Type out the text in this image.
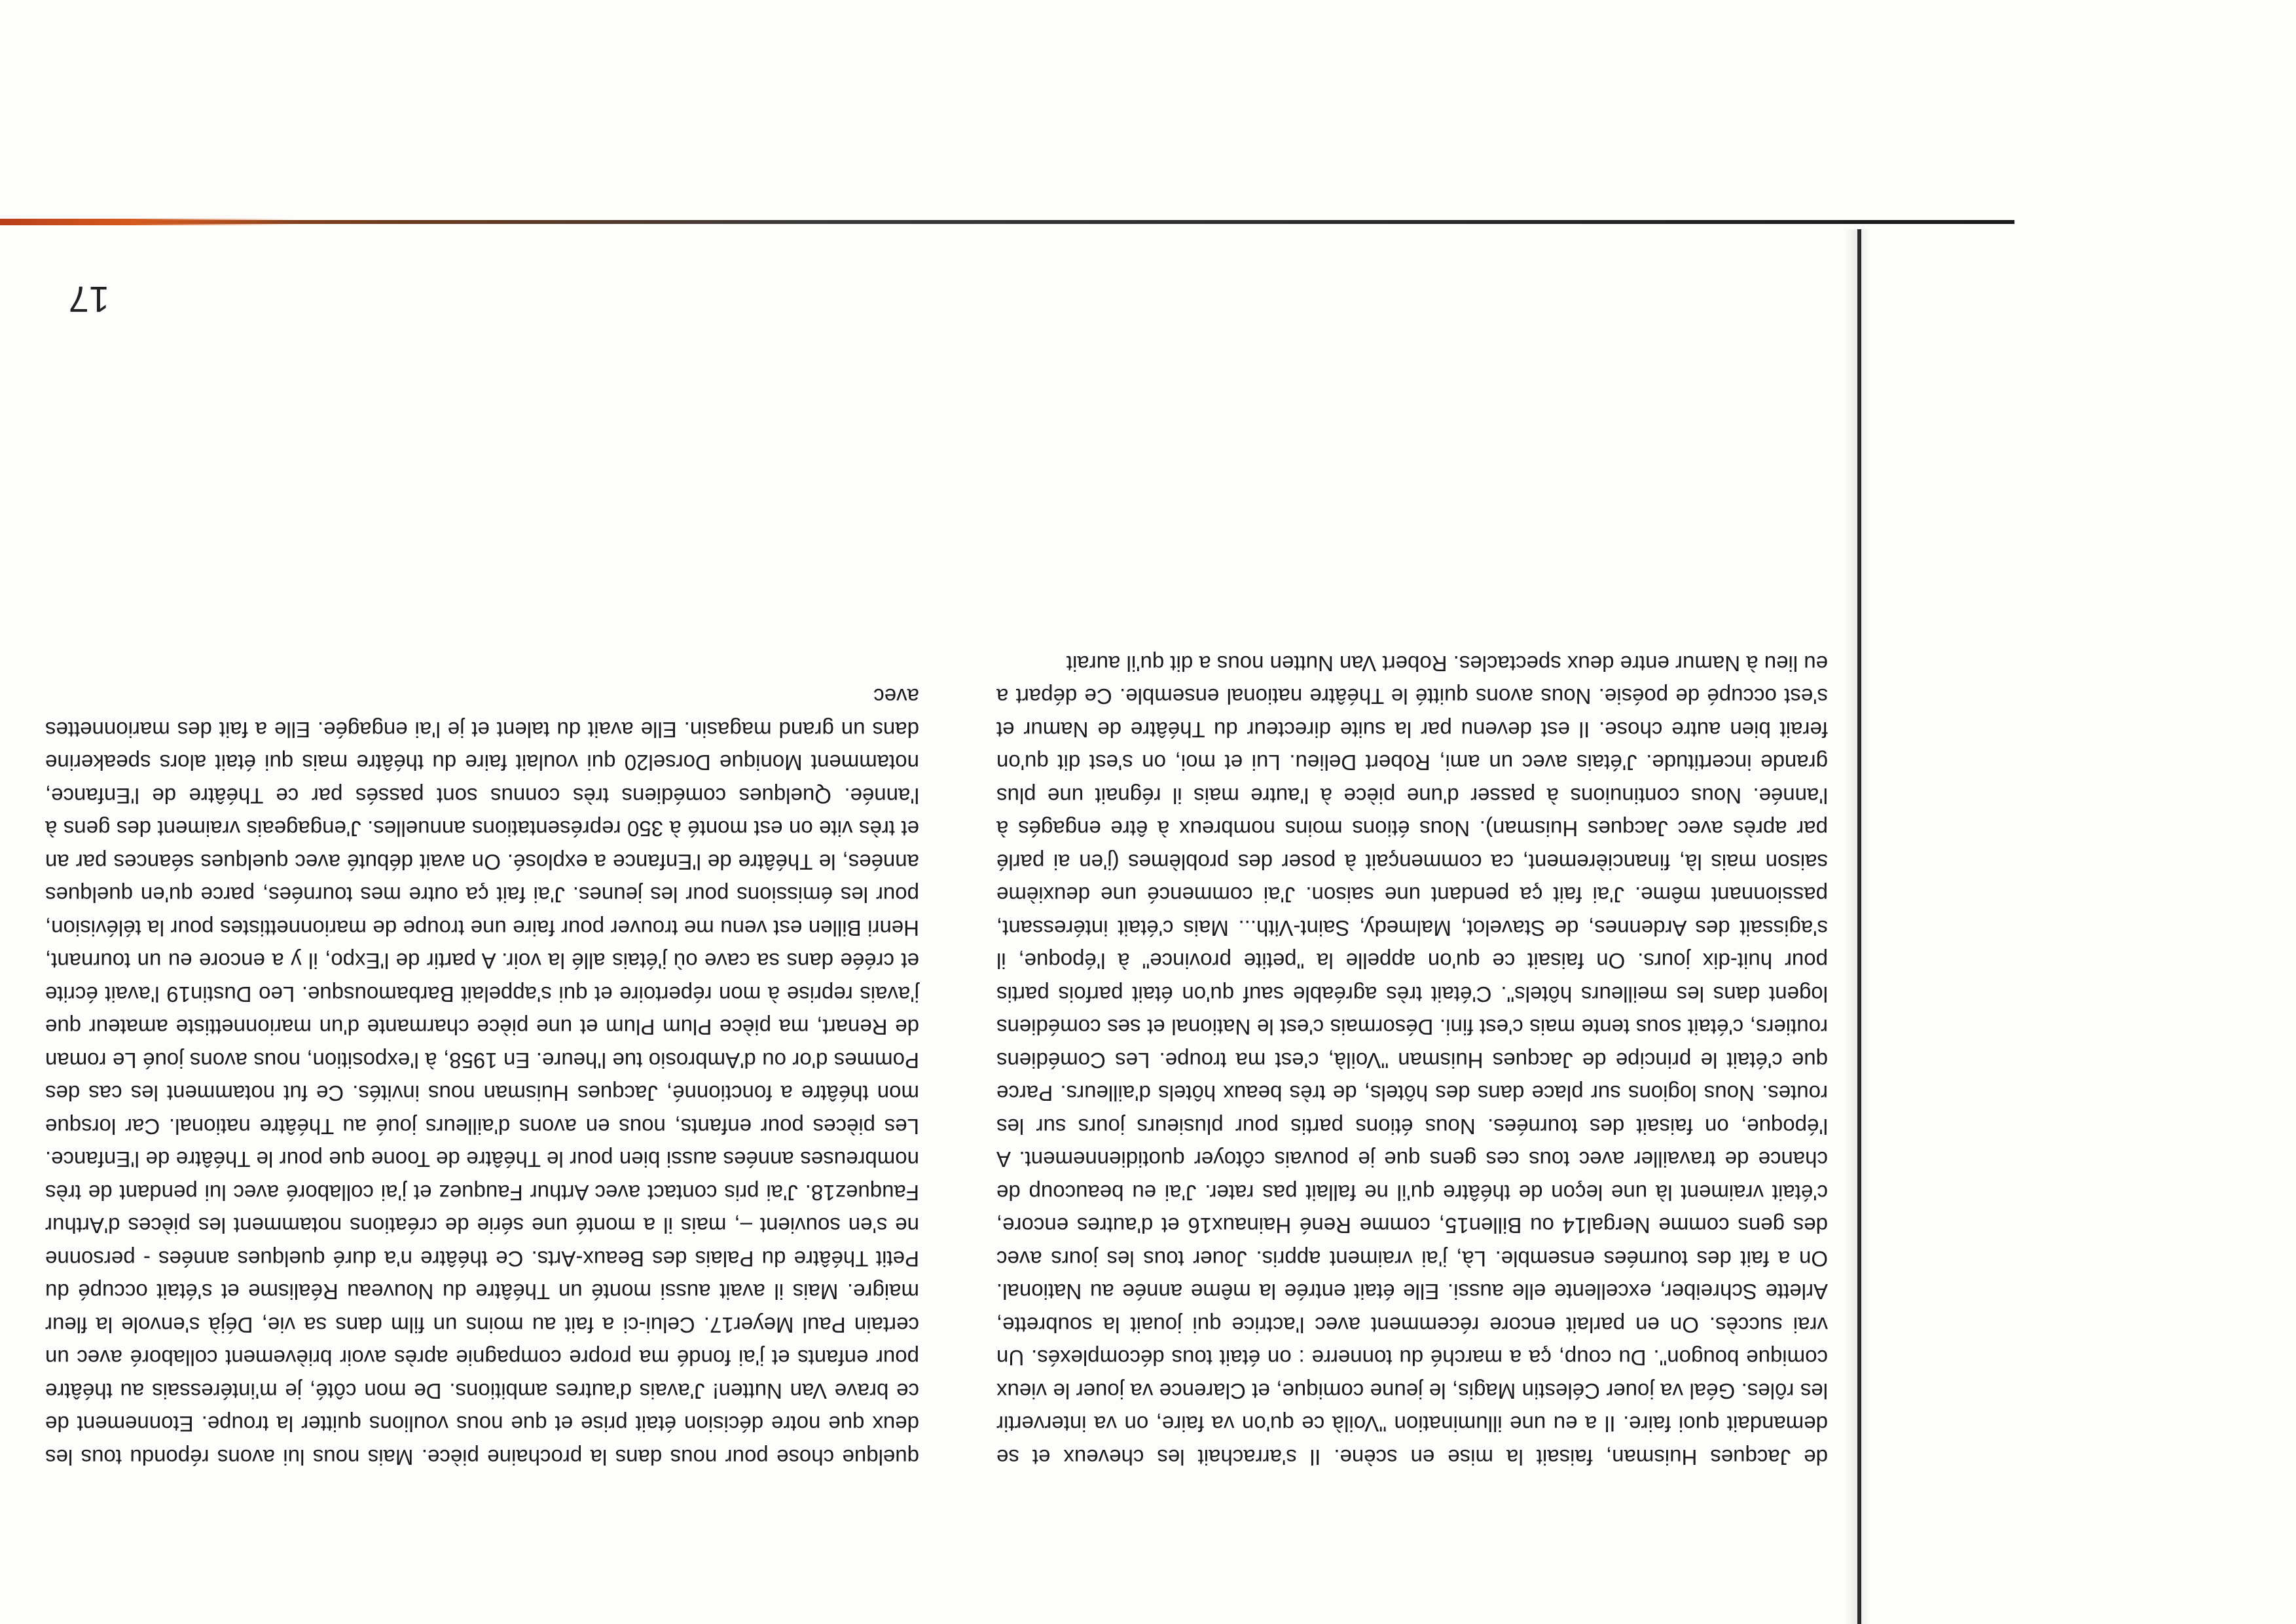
de Jacques Huisman, faisait la mise en scène. Il s'arrachait les cheveux et se demandait quoi faire. Il a eu une illumination "Voilà ce qu'on va faire, on va intervertir les rôles. Géal va jouer Célestin Magis, le jeune comique, et Clarence va jouer le vieux comique bougon". Du coup, ça a marché du tonnerre : on était tous décomplexés. Un vrai succès. On en parlait encore récemment avec l'actrice qui jouait la soubrette, Arlette Schreiber, excellente elle aussi. Elle était entrée la même année au National. On a fait des tournées ensemble. Là, j'ai vraiment appris. Jouer tous les jours avec des gens comme Nergal14 ou Billen15, comme René Hainaux16 et d'autres encore, c'était vraiment là une leçon de théâtre qu'il ne fallait pas rater. J'ai eu beaucoup de chance de travailler avec tous ces gens que je pouvais côtoyer quotidiennement. A l'époque, on faisait des tournées. Nous étions partis pour plusieurs jours sur les routes. Nous logions sur place dans des hôtels, de très beaux hôtels d'ailleurs. Parce que c'était le principe de Jacques Huisman "Voilà, c'est ma troupe. Les Comédiens routiers, c'était sous tente mais c'est fini. Désormais c'est le National et ses comédiens logent dans les meilleurs hôtels". C'était très agréable sauf qu'on était parfois partis pour huit-dix jours. On faisait ce qu'on appelle la "petite province" à l'époque, il s'agissait des Ardennes, de Stavelot, Malmedy, Saint-Vith... Mais c'était intéressant, passionnant même. J'ai fait ça pendant une saison. J'ai commencé une deuxième saison mais là, financièrement, ca commençait à poser des problèmes (j'en ai parlé par après avec Jacques Huisman). Nous étions moins nombreux à être engagés à l'année. Nous continuions à passer d'une pièce à l'autre mais il régnait une plus grande incertitude. J'étais avec un ami, Robert Delieu. Lui et moi, on s'est dit qu'on ferait bien autre chose. Il est devenu par la suite directeur du Théâtre de Namur et s'est occupé de poésie. Nous avons quitté le Théâtre national ensemble. Ce départ a eu lieu à Namur entre deux spectacles. Robert Van Nutten nous a dit qu'il aurait

quelque chose pour nous dans la prochaine pièce. Mais nous lui avons répondu tous les deux que notre décision était prise et que nous voulions quitter la troupe. Etonnement de ce brave Van Nutten! J'avais d'autres ambitions. De mon côté, je m'intéressais au théâtre pour enfants et j'ai fondé ma propre compagnie après avoir brièvement collaboré avec un certain Paul Meyer17. Celui-ci a fait au moins un film dans sa vie, Déjà s'envole la fleur maigre. Mais il avait aussi monté un Théâtre du Nouveau Réalisme et s'était occupé du Petit Théâtre du Palais des Beaux-Arts. Ce théâtre n'a duré quelques années - personne ne s'en souvient –, mais il a monté une série de créations notamment les pièces d'Arthur Fauquez18. J'ai pris contact avec Arthur Fauquez et j'ai collaboré avec lui pendant de très nombreuses années aussi bien pour le Théâtre de Toone que pour le Théâtre de l'Enfance. Les pièces pour enfants, nous en avons d'ailleurs joué au Théâtre national. Car lorsque mon théâtre a fonctionné, Jacques Huisman nous invités. Ce fut notamment les cas des Pommes d'or ou d'Ambrosio tue l'heure. En 1958, à l'exposition, nous avons joué Le roman de Renart, ma pièce Plum Plum et une pièce charmante d'un marionnettiste amateur que j'avais reprise à mon répertoire et qui s'appelait Barbamousque. Leo Dustin19 l'avait écrite et créée dans sa cave où j'étais allé la voir. A partir de l'Expo, il y a encore eu un tournant, Henri Billen est venu me trouver pour faire une troupe de marionnettistes pour la télévision, pour les émissions pour les jeunes. J'ai fait ça outre mes tournées, parce qu'en quelques années, le Théâtre de l'Enfance a explosé. On avait débuté avec quelques séances par an et très vite on est monté à 350 représentations annuelles. J'engageais vraiment des gens à l'année. Quelques comédiens très connus sont passés par ce Théâtre de l'Enfance, notamment Monique Dorsel20 qui voulait faire du théâtre mais qui était alors speakerine dans un grand magasin. Elle avait du talent et je l'ai engagée. Elle a fait des marionnettes avec

17
